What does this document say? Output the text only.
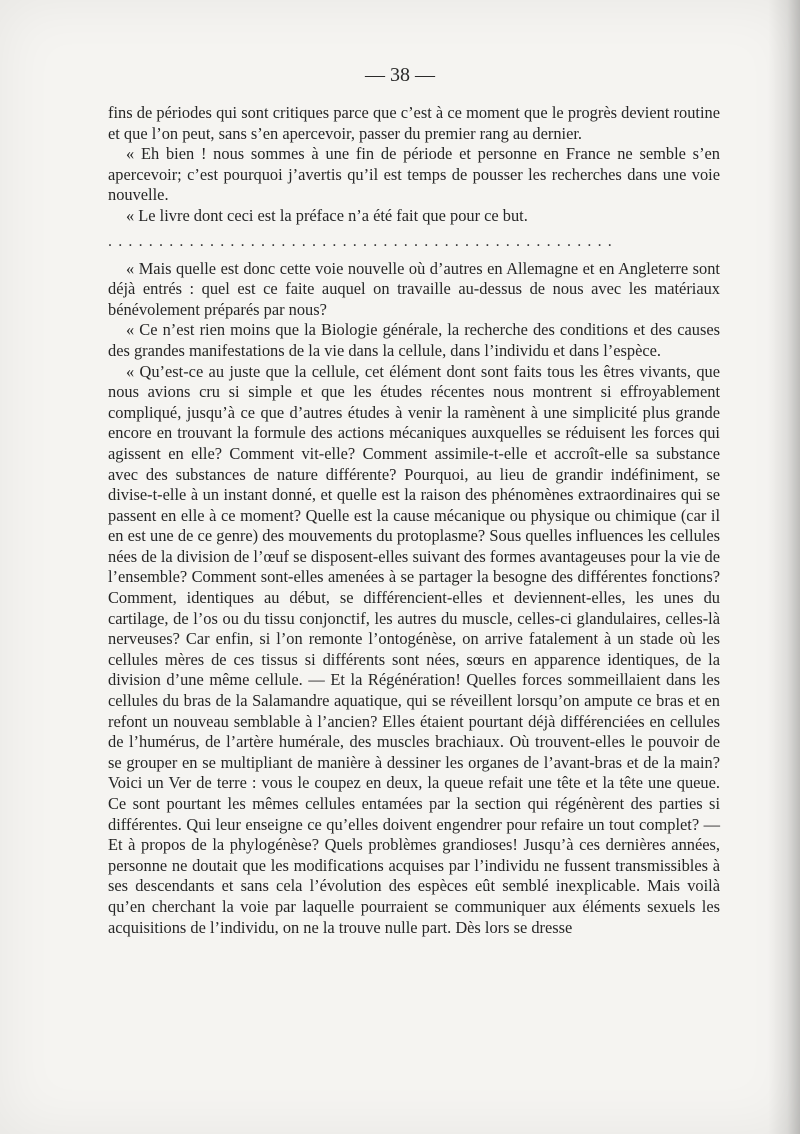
— 38 —

fins de périodes qui sont critiques parce que c’est à ce moment que le progrès devient routine et que l’on peut, sans s’en apercevoir, passer du premier rang au dernier.

« Eh bien ! nous sommes à une fin de période et personne en France ne semble s’en apercevoir; c’est pourquoi j’avertis qu’il est temps de pousser les recherches dans une voie nouvelle.

« Le livre dont ceci est la préface n’a été fait que pour ce but.

..................................................

« Mais quelle est donc cette voie nouvelle où d’autres en Allemagne et en Angleterre sont déjà entrés : quel est ce faite auquel on travaille au-dessus de nous avec les matériaux bénévolement préparés par nous?

« Ce n’est rien moins que la Biologie générale, la recherche des conditions et des causes des grandes manifestations de la vie dans la cellule, dans l’individu et dans l’espèce.

« Qu’est-ce au juste que la cellule, cet élément dont sont faits tous les êtres vivants, que nous avions cru si simple et que les études récentes nous montrent si effroyablement compliqué, jusqu’à ce que d’autres études à venir la ramènent à une simplicité plus grande encore en trouvant la formule des actions mécaniques auxquelles se réduisent les forces qui agissent en elle? Comment vit-elle? Comment assimile-t-elle et accroît-elle sa substance avec des substances de nature différente? Pourquoi, au lieu de grandir indéfiniment, se divise-t-elle à un instant donné, et quelle est la raison des phénomènes extraordinaires qui se passent en elle à ce moment? Quelle est la cause mécanique ou physique ou chimique (car il en est une de ce genre) des mouvements du protoplasme? Sous quelles influences les cellules nées de la division de l’œuf se disposent-elles suivant des formes avantageuses pour la vie de l’ensemble? Comment sont-elles amenées à se partager la besogne des différentes fonctions? Comment, identiques au début, se différencient-elles et deviennent-elles, les unes du cartilage, de l’os ou du tissu conjonctif, les autres du muscle, celles-ci glandulaires, celles-là nerveuses? Car enfin, si l’on remonte l’ontogénèse, on arrive fatalement à un stade où les cellules mères de ces tissus si différents sont nées, sœurs en apparence identiques, de la division d’une même cellule. — Et la Régénération! Quelles forces sommeillaient dans les cellules du bras de la Salamandre aquatique, qui se réveillent lorsqu’on ampute ce bras et en refont un nouveau semblable à l’ancien? Elles étaient pourtant déjà différenciées en cellules de l’humérus, de l’artère humérale, des muscles brachiaux. Où trouvent-elles le pouvoir de se grouper en se multipliant de manière à dessiner les organes de l’avant-bras et de la main? Voici un Ver de terre : vous le coupez en deux, la queue refait une tête et la tête une queue. Ce sont pourtant les mêmes cellules entamées par la section qui régénèrent des parties si différentes. Qui leur enseigne ce qu’elles doivent engendrer pour refaire un tout complet? — Et à propos de la phylogénèse? Quels problèmes grandioses! Jusqu’à ces dernières années, personne ne doutait que les modifications acquises par l’individu ne fussent transmissibles à ses descendants et sans cela l’évolution des espèces eût semblé inexplicable. Mais voilà qu’en cherchant la voie par laquelle pourraient se communiquer aux éléments sexuels les acquisitions de l’individu, on ne la trouve nulle part. Dès lors se dresse
